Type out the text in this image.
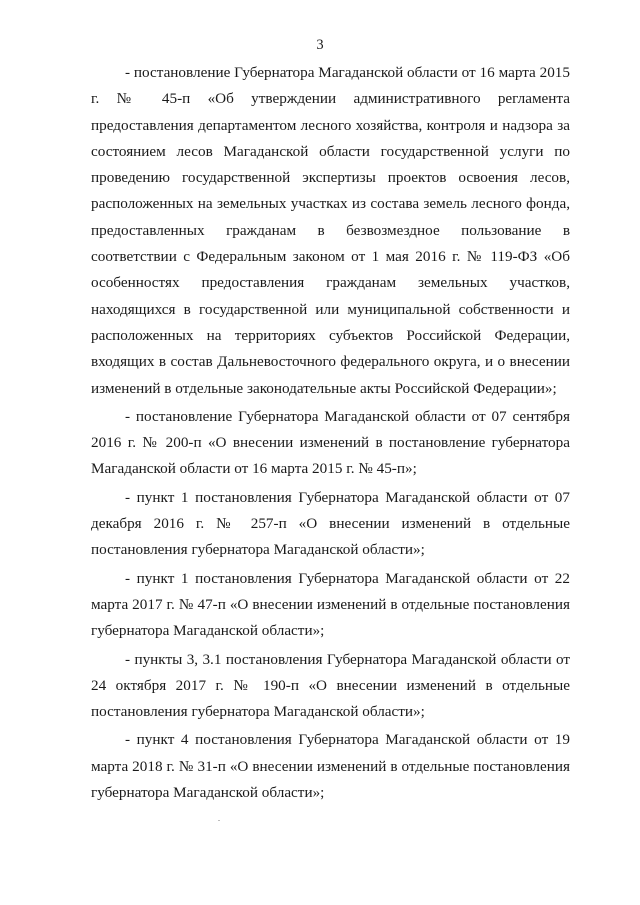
3

- постановление Губернатора Магаданской области от 16 марта 2015 г. № 45-п «Об утверждении административного регламента предоставления департаментом лесного хозяйства, контроля и надзора за состоянием лесов Магаданской области государственной услуги по проведению государственной экспертизы проектов освоения лесов, расположенных на земельных участках из состава земель лесного фонда, предоставленных гражданам в безвозмездное пользование в соответствии с Федеральным законом от 1 мая 2016 г. № 119-ФЗ «Об особенностях предоставления гражданам земельных участков, находящихся в государственной или муниципальной собственности и расположенных на территориях субъектов Российской Федерации, входящих в состав Дальневосточного федерального округа, и о внесении изменений в отдельные законодательные акты Российской Федерации»;

- постановление Губернатора Магаданской области от 07 сентября 2016 г. № 200-п «О внесении изменений в постановление губернатора Магаданской области от 16 марта 2015 г. № 45-п»;

- пункт 1 постановления Губернатора Магаданской области от 07 декабря 2016 г. № 257-п «О внесении изменений в отдельные постановления губернатора Магаданской области»;

- пункт 1 постановления Губернатора Магаданской области от 22 марта 2017 г. № 47-п «О внесении изменений в отдельные постановления губернатора Магаданской области»;

- пункты 3, 3.1 постановления Губернатора Магаданской области от 24 октября 2017 г. № 190-п «О внесении изменений в отдельные постановления губернатора Магаданской области»;

- пункт 4 постановления Губернатора Магаданской области от 19 марта 2018 г. № 31-п «О внесении изменений в отдельные постановления губернатора Магаданской области»;
